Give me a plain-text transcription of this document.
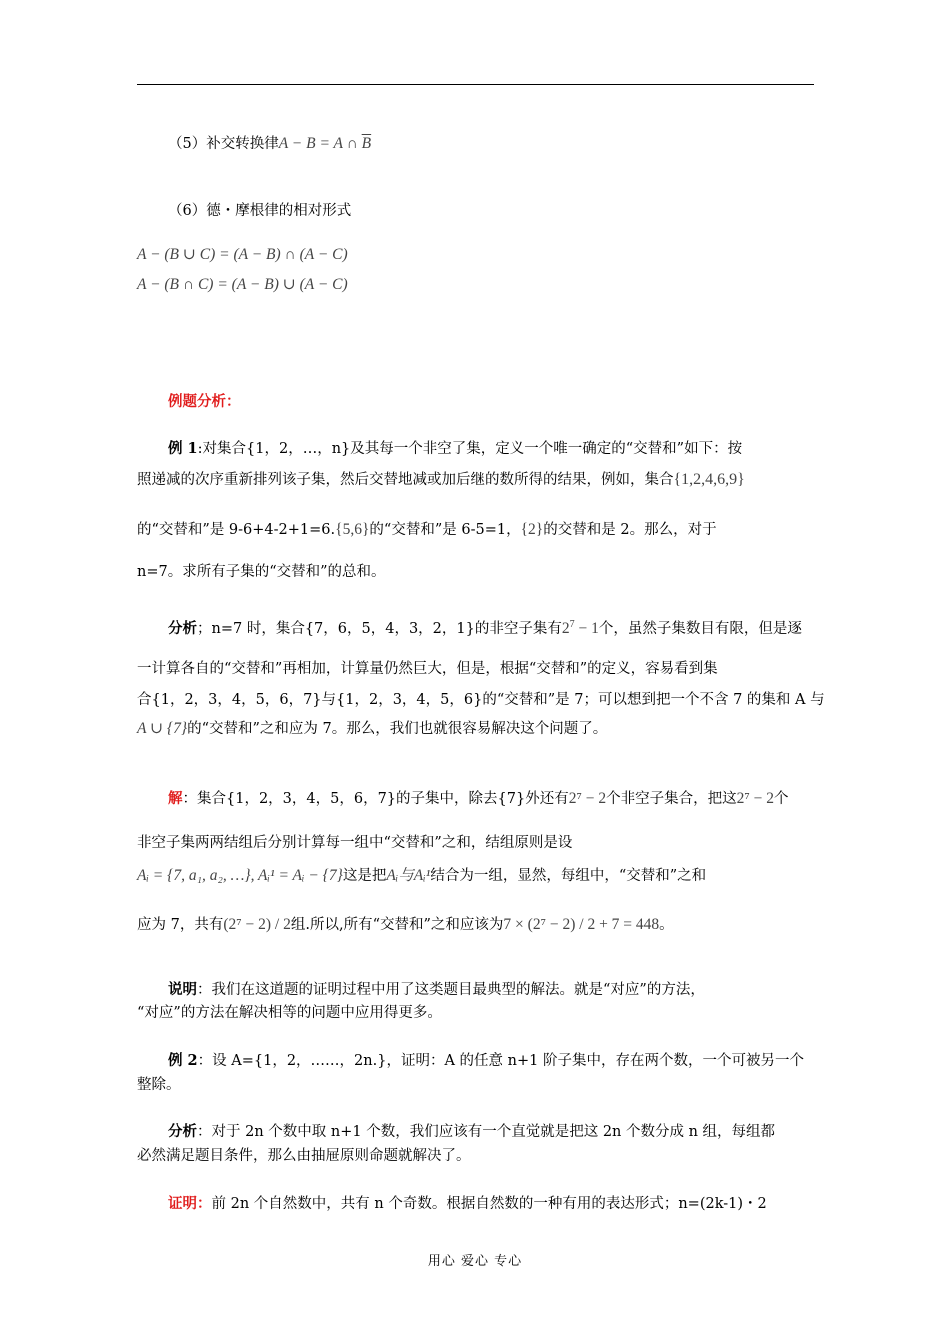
（5）补交转换律A − B = A ∩ $\overline{B}$
（6）德・摩根律的相对形式
A − (B ∪ C) = (A − B) ∩ (A − C)
A − (B ∩ C) = (A − B) ∪ (A − C)
例题分析：
例 1:对集合{1，2，…，n}及其每一个非空了集，定义一个唯一确定的“交替和”如下：按
照递减的次序重新排列该子集，然后交替地减或加后继的数所得的结果，例如，集合{1,2,4,6,9}
的“交替和”是 9-6+4-2+1=6.{5,6}的“交替和”是 6-5=1，{2}的交替和是 2。那么，对于
n=7。求所有子集的“交替和”的总和。
分析；n=7 时，集合{7，6，5，4，3，2，1}的非空子集有$2^7 - 1$个，虽然子集数目有限，但是逐
一计算各自的“交替和”再相加，计算量仍然巨大，但是，根据“交替和”的定义，容易看到集
合{1，2，3，4，5，6，7}与{1，2，3，4，5，6}的“交替和”是 7；可以想到把一个不含 7 的集和 A 与
A ∪ {7}的“交替和”之和应为 7。那么，我们也就很容易解决这个问题了。
解：集合{1，2，3，4，5，6，7}的子集中，除去{7}外还有2⁷ − 2个非空子集合，把这2⁷ − 2个
非空子集两两结组后分别计算每一组中“交替和”之和，结组原则是设
Aᵢ = {7, a₁, a₂, …}, Aᵢ¹ = Aᵢ − {7}这是把Aᵢ与Aᵢ¹结合为一组，显然，每组中，“交替和”之和
应为 7，共有(2⁷ − 2) / 2组.所以,所有“交替和”之和应该为7 × (2⁷ − 2) / 2 + 7 = 448。
说明：我们在这道题的证明过程中用了这类题目最典型的解法。就是“对应”的方法，
“对应”的方法在解决相等的问题中应用得更多。
例 2：设 A={1，2，……，2n.}，证明：A 的任意 n+1 阶子集中，存在两个数，一个可被另一个
整除。
分析：对于 2n 个数中取 n+1 个数，我们应该有一个直觉就是把这 2n 个数分成 n 组，每组都
必然满足题目条件，那么由抽屉原则命题就解决了。
证明：前 2n 个自然数中，共有 n 个奇数。根据自然数的一种有用的表达形式；n=(2k-1)・2
用心 爱心 专心
